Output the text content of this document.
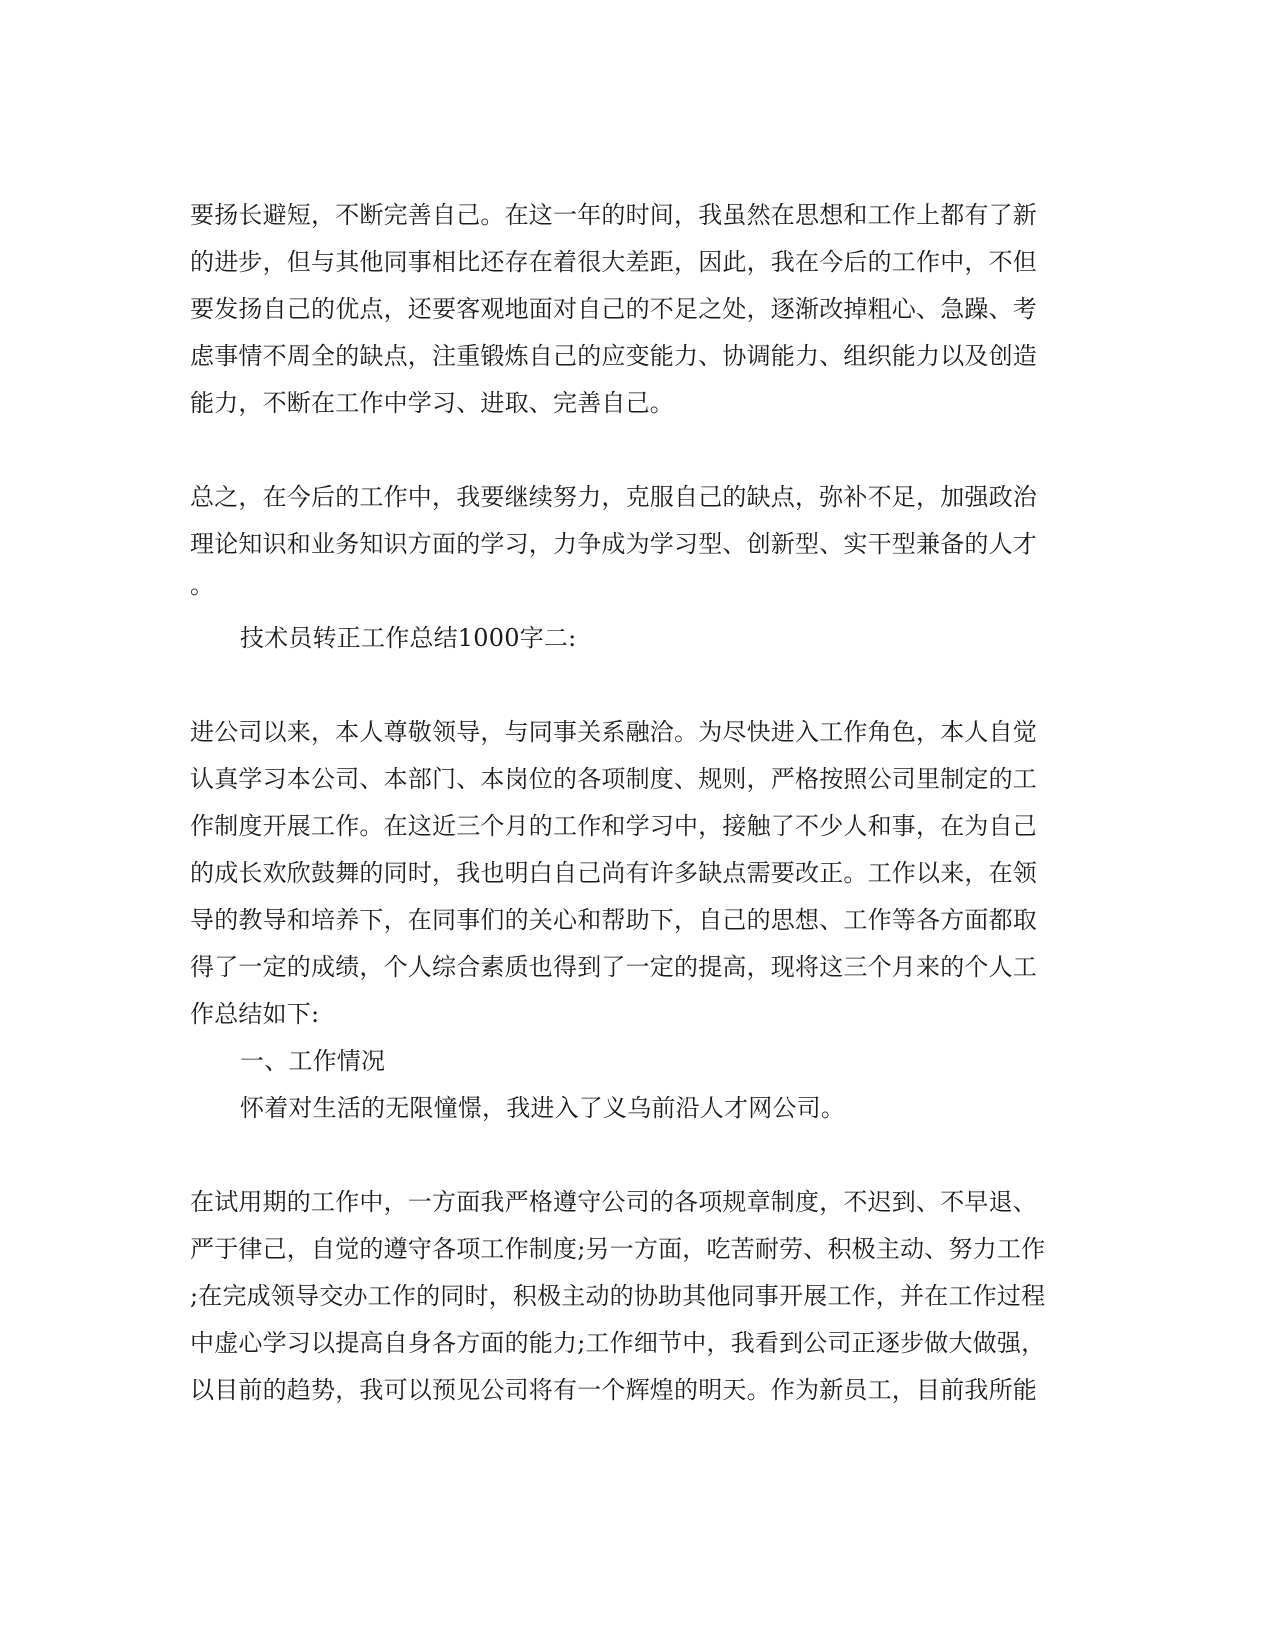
要扬长避短，不断完善自己。在这一年的时间，我虽然在思想和工作上都有了新
的进步，但与其他同事相比还存在着很大差距，因此，我在今后的工作中，不但
要发扬自己的优点，还要客观地面对自己的不足之处，逐渐改掉粗心、急躁、考
虑事情不周全的缺点，注重锻炼自己的应变能力、协调能力、组织能力以及创造
能力，不断在工作中学习、进取、完善自己。
总之，在今后的工作中，我要继续努力，克服自己的缺点，弥补不足，加强政治
理论知识和业务知识方面的学习，力争成为学习型、创新型、实干型兼备的人才
。
技术员转正工作总结1000字二:
进公司以来，本人尊敬领导，与同事关系融洽。为尽快进入工作角色，本人自觉
认真学习本公司、本部门、本岗位的各项制度、规则，严格按照公司里制定的工
作制度开展工作。在这近三个月的工作和学习中，接触了不少人和事，在为自己
的成长欢欣鼓舞的同时，我也明白自己尚有许多缺点需要改正。工作以来，在领
导的教导和培养下，在同事们的关心和帮助下，自己的思想、工作等各方面都取
得了一定的成绩，个人综合素质也得到了一定的提高，现将这三个月来的个人工
作总结如下:
一、工作情况
怀着对生活的无限憧憬，我进入了义乌前沿人才网公司。
在试用期的工作中，一方面我严格遵守公司的各项规章制度，不迟到、不早退、
严于律己，自觉的遵守各项工作制度;另一方面，吃苦耐劳、积极主动、努力工作
;在完成领导交办工作的同时，积极主动的协助其他同事开展工作，并在工作过程
中虚心学习以提高自身各方面的能力;工作细节中，我看到公司正逐步做大做强，
以目前的趋势，我可以预见公司将有一个辉煌的明天。作为新员工，目前我所能
